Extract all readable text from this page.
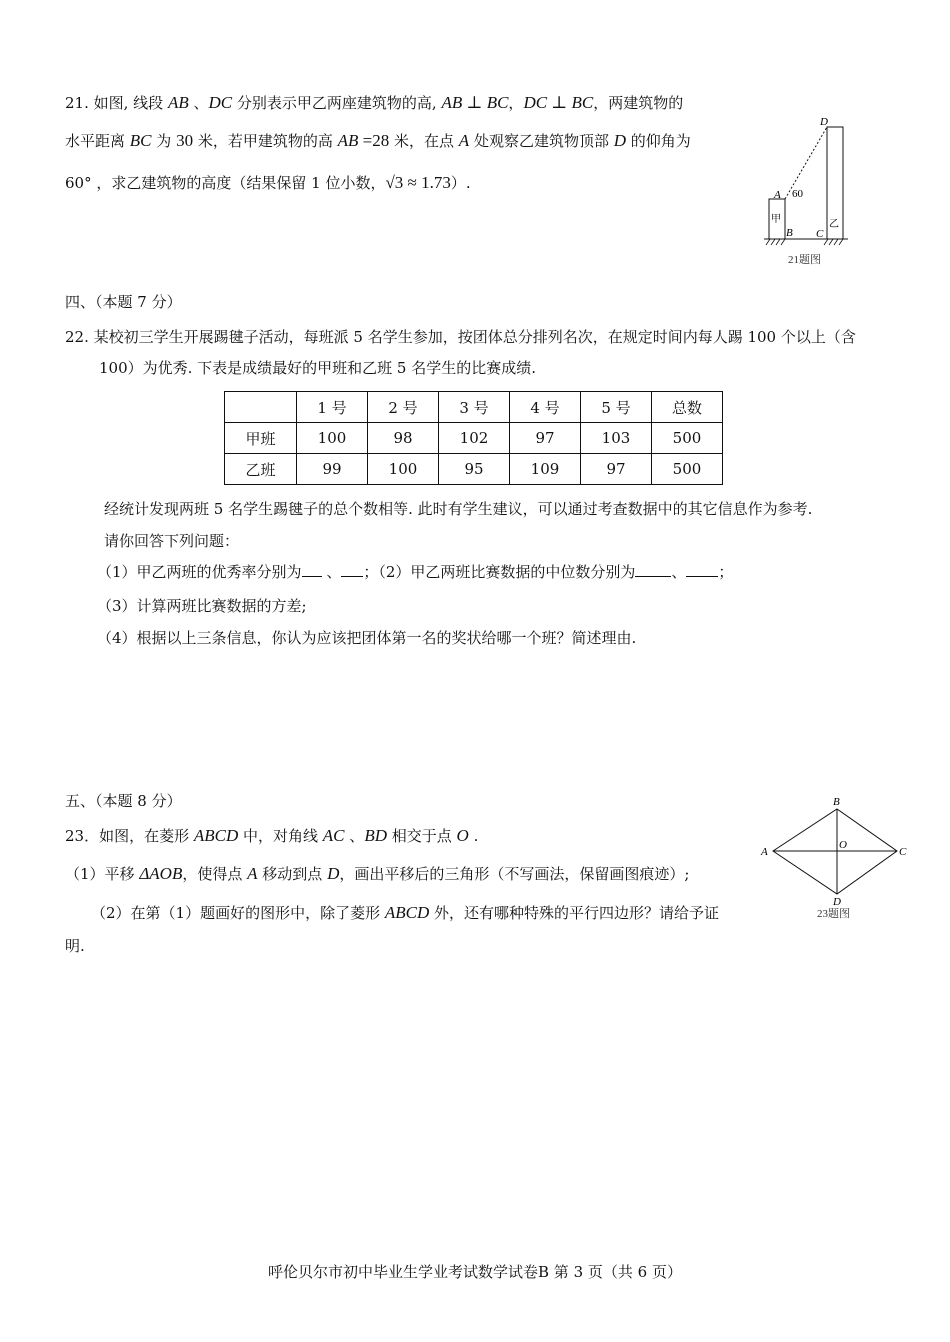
21. 如图, 线段 AB 、DC 分别表示甲乙两座建筑物的高, AB ⊥ BC，DC ⊥ BC，两建筑物的
水平距离 BC 为 30 米，若甲建筑物的高 AB =28 米，在点 A 处观察乙建筑物顶部 D 的仰角为
60° ，求乙建筑物的高度（结果保留 1 位小数，√3 ≈ 1.73）.
D
A 60
B C
甲	乙
21题图
四、（本题 7 分）
22. 某校初三学生开展踢毽子活动，每班派 5 名学生参加，按团体总分排列名次，在规定时间内每人踢 100 个以上（含
100）为优秀. 下表是成绩最好的甲班和乙班 5 名学生的比赛成绩.
	1 号	2 号	3 号	4 号	5 号	总数
甲班	100	98	102	97	103	500
乙班	99	100	95	109	97	500
经统计发现两班 5 名学生踢毽子的总个数相等. 此时有学生建议，可以通过考查数据中的其它信息作为参考.
请你回答下列问题：
（1）甲乙两班的优秀率分别为 、 ；（2）甲乙两班比赛数据的中位数分别为 、 ；
（3）计算两班比赛数据的方差;
（4）根据以上三条信息，你认为应该把团体第一名的奖状给哪一个班？简述理由.
五、（本题 8 分）
23．如图，在菱形 ABCD 中，对角线 AC 、BD 相交于点 O .
（1）平移 ΔAOB，使得点 A 移动到点 D，画出平移后的三角形（不写画法，保留画图痕迹）;
（2）在第（1）题画好的图形中，除了菱形 ABCD 外，还有哪种特殊的平行四边形？请给予证
明.
B
A	C
O
D
23题图
呼伦贝尔市初中毕业生学业考试数学试卷B 第 3 页（共 6 页）
